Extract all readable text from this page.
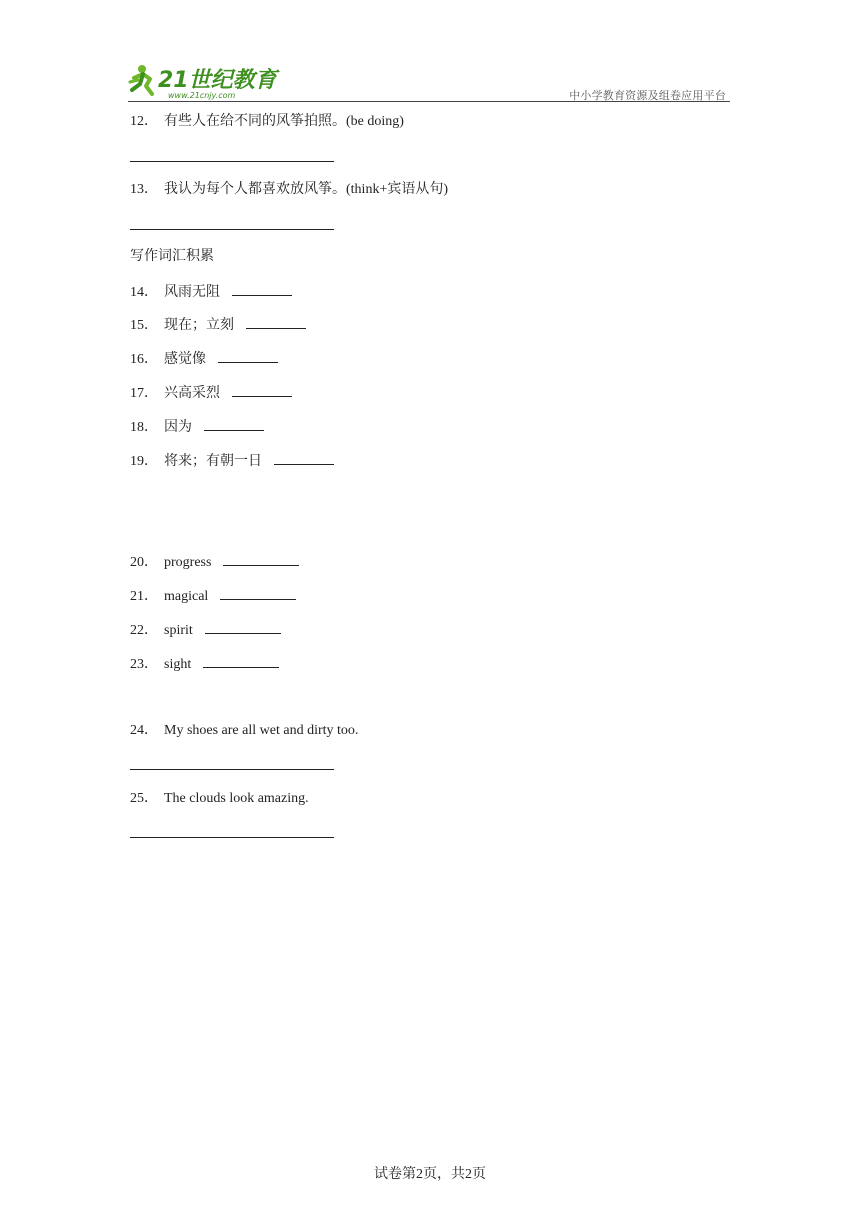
21世纪教育
www.21cnjy.com	中小学教育资源及组卷应用平台
12． 有些人在给不同的风筝拍照。(be doing)
13． 我认为每个人都喜欢放风筝。(think+宾语从句)
写作词汇积累
14． 风雨无阻
15． 现在；立刻
16． 感觉像
17． 兴高采烈
18． 因为
19． 将来；有朝一日
20． progress
21． magical
22． spirit
23． sight
24． My shoes are all wet and dirty too.
25． The clouds look amazing.
试卷第2页，共2页
